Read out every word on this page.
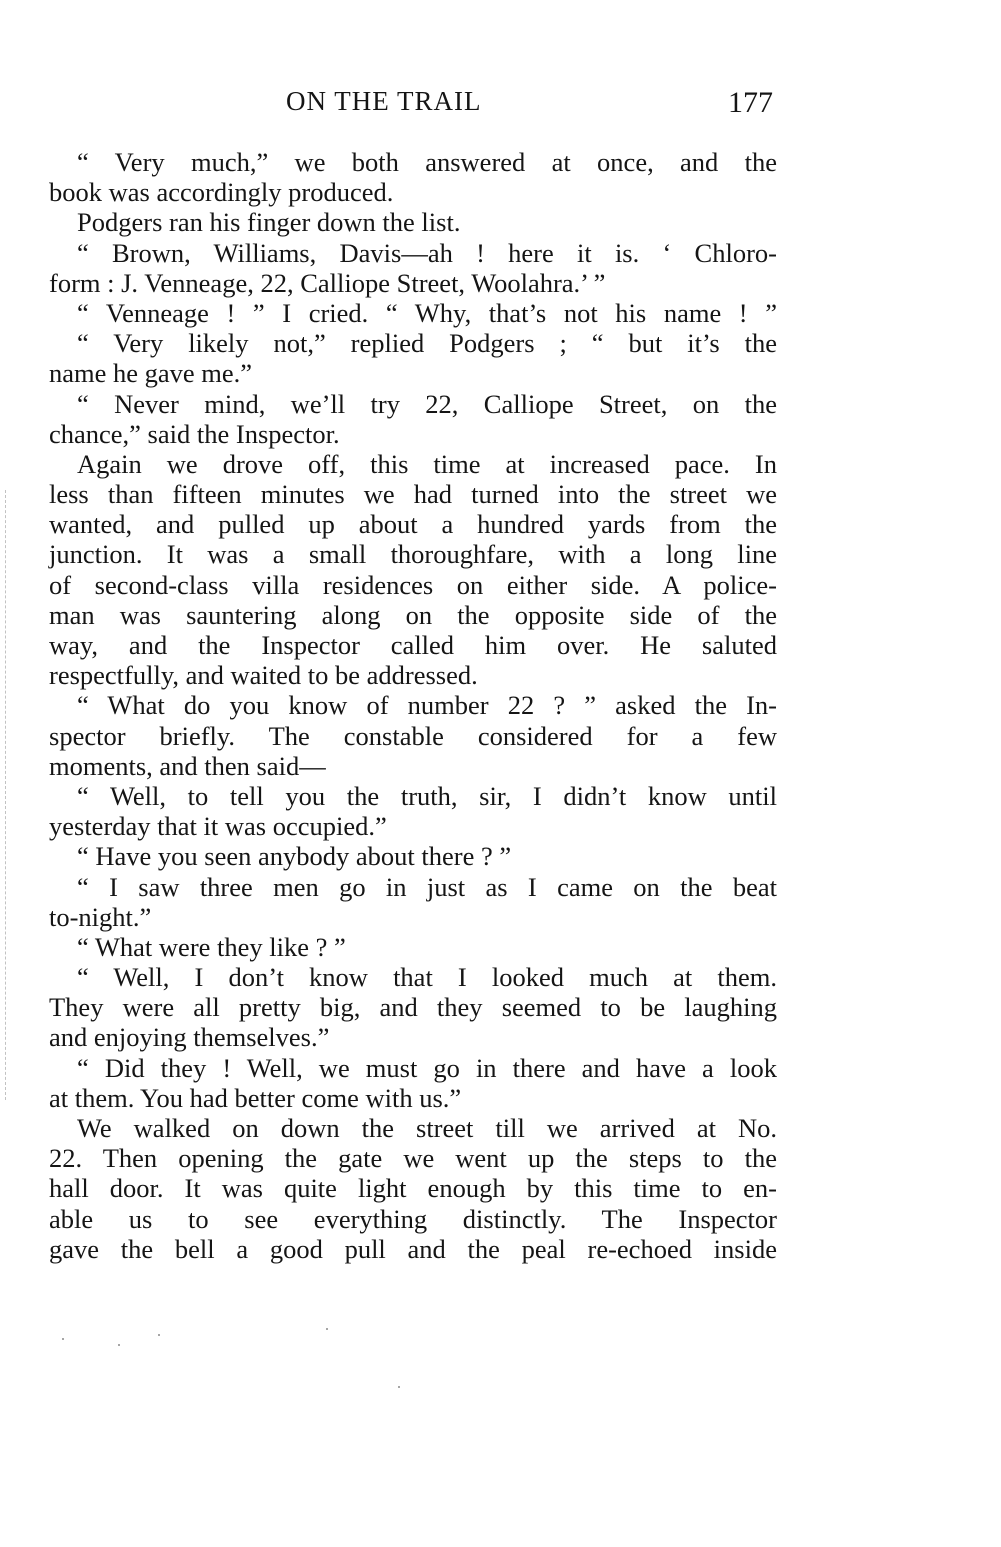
ON THE TRAIL	177
“ Very much,” we both answered at once, and the
book was accordingly produced.
Podgers ran his finger down the list.
“ Brown, Williams, Davis—ah ! here it is. ‘ Chloro-
form : J. Venneage, 22, Calliope Street, Woolahra.’ ”
“ Venneage ! ” I cried. “ Why, that’s not his name ! ”
“ Very likely not,” replied Podgers ; “ but it’s the
name he gave me.”
“ Never mind, we’ll try 22, Calliope Street, on the
chance,” said the Inspector.
Again we drove off, this time at increased pace. In
less than fifteen minutes we had turned into the street we
wanted, and pulled up about a hundred yards from the
junction. It was a small thoroughfare, with a long line
of second-class villa residences on either side. A police-
man was sauntering along on the opposite side of the
way, and the Inspector called him over. He saluted
respectfully, and waited to be addressed.
“ What do you know of number 22 ? ” asked the In-
spector briefly. The constable considered for a few
moments, and then said—
“ Well, to tell you the truth, sir, I didn’t know until
yesterday that it was occupied.”
“ Have you seen anybody about there ? ”
“ I saw three men go in just as I came on the beat
to-night.”
“ What were they like ? ”
“ Well, I don’t know that I looked much at them.
They were all pretty big, and they seemed to be laughing
and enjoying themselves.”
“ Did they ! Well, we must go in there and have a look
at them. You had better come with us.”
We walked on down the street till we arrived at No.
22. Then opening the gate we went up the steps to the
hall door. It was quite light enough by this time to en-
able us to see everything distinctly. The Inspector
gave the bell a good pull and the peal re-echoed inside
